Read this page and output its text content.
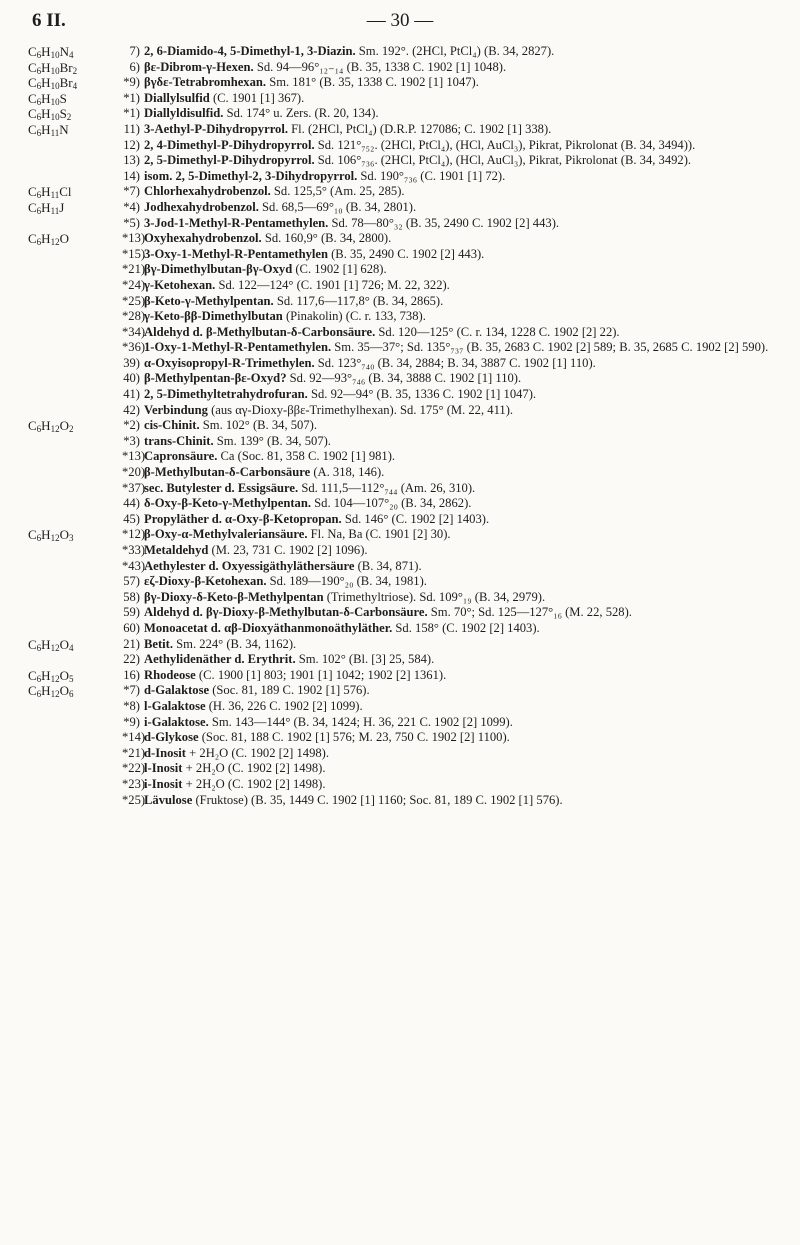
6 II.	— 30 —
$C_6H_{10}N_4$	7) 2, 6-Diamido-4, 5-Dimethyl-1, 3-Diazin. Sm. 192°. (2HCl, PtCl₄) (B. 34, 2827).
$C_6H_{10}Br_2$	6) βε-Dibrom-γ-Hexen. Sd. 94—96°₁₂₋₁₄ (B. 35, 1338 C. 1902 [1] 1048).
$C_6H_{10}Br_4$	*9) βγδε-Tetrabromhexan. Sm. 181° (B. 35, 1338 C. 1902 [1] 1047).
$C_6H_{10}S$	*1) Diallylsulfid (C. 1901 [1] 367).
$C_6H_{10}S_2$	*1) Diallyldisulfid. Sd. 174° u. Zers. (R. 20, 134).
$C_6H_{11}N$	11) 3-Aethyl-P-Dihydropyrrol. Fl. (2HCl, PtCl₄) (D.R.P. 127086; C. 1902 [1] 338).
12) 2, 4-Dimethyl-P-Dihydropyrrol. Sd. 121°₇₅₂. (2HCl, PtCl₄), (HCl, AuCl₃), Pikrat, Pikrolonat (B. 34, 3494)).
13) 2, 5-Dimethyl-P-Dihydropyrrol. Sd. 106°₇₃₆. (2HCl, PtCl₄), (HCl, AuCl₃), Pikrat, Pikrolonat (B. 34, 3492).
14) isom. 2, 5-Dimethyl-2, 3-Dihydropyrrol. Sd. 190°₇₃₆ (C. 1901 [1] 72).
$C_6H_{11}Cl$	*7) Chlorhexahydrobenzol. Sd. 125,5° (Am. 25, 285).
$C_6H_{11}J$	*4) Jodhexahydrobenzol. Sd. 68,5—69°₁₀ (B. 34, 2801).
*5) 3-Jod-1-Methyl-R-Pentamethylen. Sd. 78—80°₃₂ (B. 35, 2490 C. 1902 [2] 443).
$C_6H_{12}O$	*13)Oxyhexahydrobenzol. Sd. 160,9° (B. 34, 2800).
*15)3-Oxy-1-Methyl-R-Pentamethylen (B. 35, 2490 C. 1902 [2] 443).
*21)βγ-Dimethylbutan-βγ-Oxyd (C. 1902 [1] 628).
*24)γ-Ketohexan. Sd. 122—124° (C. 1901 [1] 726; M. 22, 322).
*25)β-Keto-γ-Methylpentan. Sd. 117,6—117,8° (B. 34, 2865).
*28)γ-Keto-ββ-Dimethylbutan (Pinakolin) (C. r. 133, 738).
*34)Aldehyd d. β-Methylbutan-δ-Carbonsäure. Sd. 120—125° (C. r. 134, 1228 C. 1902 [2] 22).
*36)1-Oxy-1-Methyl-R-Pentamethylen. Sm. 35—37°; Sd. 135°₇₃₇ (B. 35, 2683 C. 1902 [2] 589; B. 35, 2685 C. 1902 [2] 590).
39) α-Oxyisopropyl-R-Trimethylen. Sd. 123°₇₄₀ (B. 34, 2884; B. 34, 3887 C. 1902 [1] 110).
40) β-Methylpentan-βε-Oxyd? Sd. 92—93°₇₄₆ (B. 34, 3888 C. 1902 [1] 110).
41) 2, 5-Dimethyltetrahydrofuran. Sd. 92—94° (B. 35, 1336 C. 1902 [1] 1047).
42) Verbindung (aus αγ-Dioxy-ββε-Trimethylhexan). Sd. 175° (M. 22, 411).
$C_6H_{12}O_2$	*2) cis-Chinit. Sm. 102° (B. 34, 507).
*3) trans-Chinit. Sm. 139° (B. 34, 507).
*13)Capronsäure. Ca (Soc. 81, 358 C. 1902 [1] 981).
*20)β-Methylbutan-δ-Carbonsäure (A. 318, 146).
*37)sec. Butylester d. Essigsäure. Sd. 111,5—112°₇₄₄ (Am. 26, 310).
44) δ-Oxy-β-Keto-γ-Methylpentan. Sd. 104—107°₂₀ (B. 34, 2862).
45) Propyläther d. α-Oxy-β-Ketopropan. Sd. 146° (C. 1902 [2] 1403).
$C_6H_{12}O_3$	*12)β-Oxy-α-Methylvaleriansäure. Fl. Na, Ba (C. 1901 [2] 30).
*33)Metaldehyd (M. 23, 731 C. 1902 [2] 1096).
*43)Aethylester d. Oxyessigäthyläthersäure (B. 34, 871).
57) εζ-Dioxy-β-Ketohexan. Sd. 189—190°₂₀ (B. 34, 1981).
58) βγ-Dioxy-δ-Keto-β-Methylpentan (Trimethyltriose). Sd. 109°₁₉ (B. 34, 2979).
59) Aldehyd d. βγ-Dioxy-β-Methylbutan-δ-Carbonsäure. Sm. 70°; Sd. 125—127°₁₆ (M. 22, 528).
60) Monoacetat d. αβ-Dioxyäthanmonoäthyläther. Sd. 158° (C. 1902 [2] 1403).
$C_6H_{12}O_4$	21) Betit. Sm. 224° (B. 34, 1162).
22) Aethylidenäther d. Erythrit. Sm. 102° (Bl. [3] 25, 584).
$C_6H_{12}O_5$	16) Rhodeose (C. 1900 [1] 803; 1901 [1] 1042; 1902 [2] 1361).
$C_6H_{12}O_6$	*7) d-Galaktose (Soc. 81, 189 C. 1902 [1] 576).
*8) l-Galaktose (H. 36, 226 C. 1902 [2] 1099).
*9) i-Galaktose. Sm. 143—144° (B. 34, 1424; H. 36, 221 C. 1902 [2] 1099).
*14)d-Glykose (Soc. 81, 188 C. 1902 [1] 576; M. 23, 750 C. 1902 [2] 1100).
*21)d-Inosit + 2H₂O (C. 1902 [2] 1498).
*22)l-Inosit + 2H₂O (C. 1902 [2] 1498).
*23)i-Inosit + 2H₂O (C. 1902 [2] 1498).
*25)Lävulose (Fruktose) (B. 35, 1449 C. 1902 [1] 1160; Soc. 81, 189 C. 1902 [1] 576).
